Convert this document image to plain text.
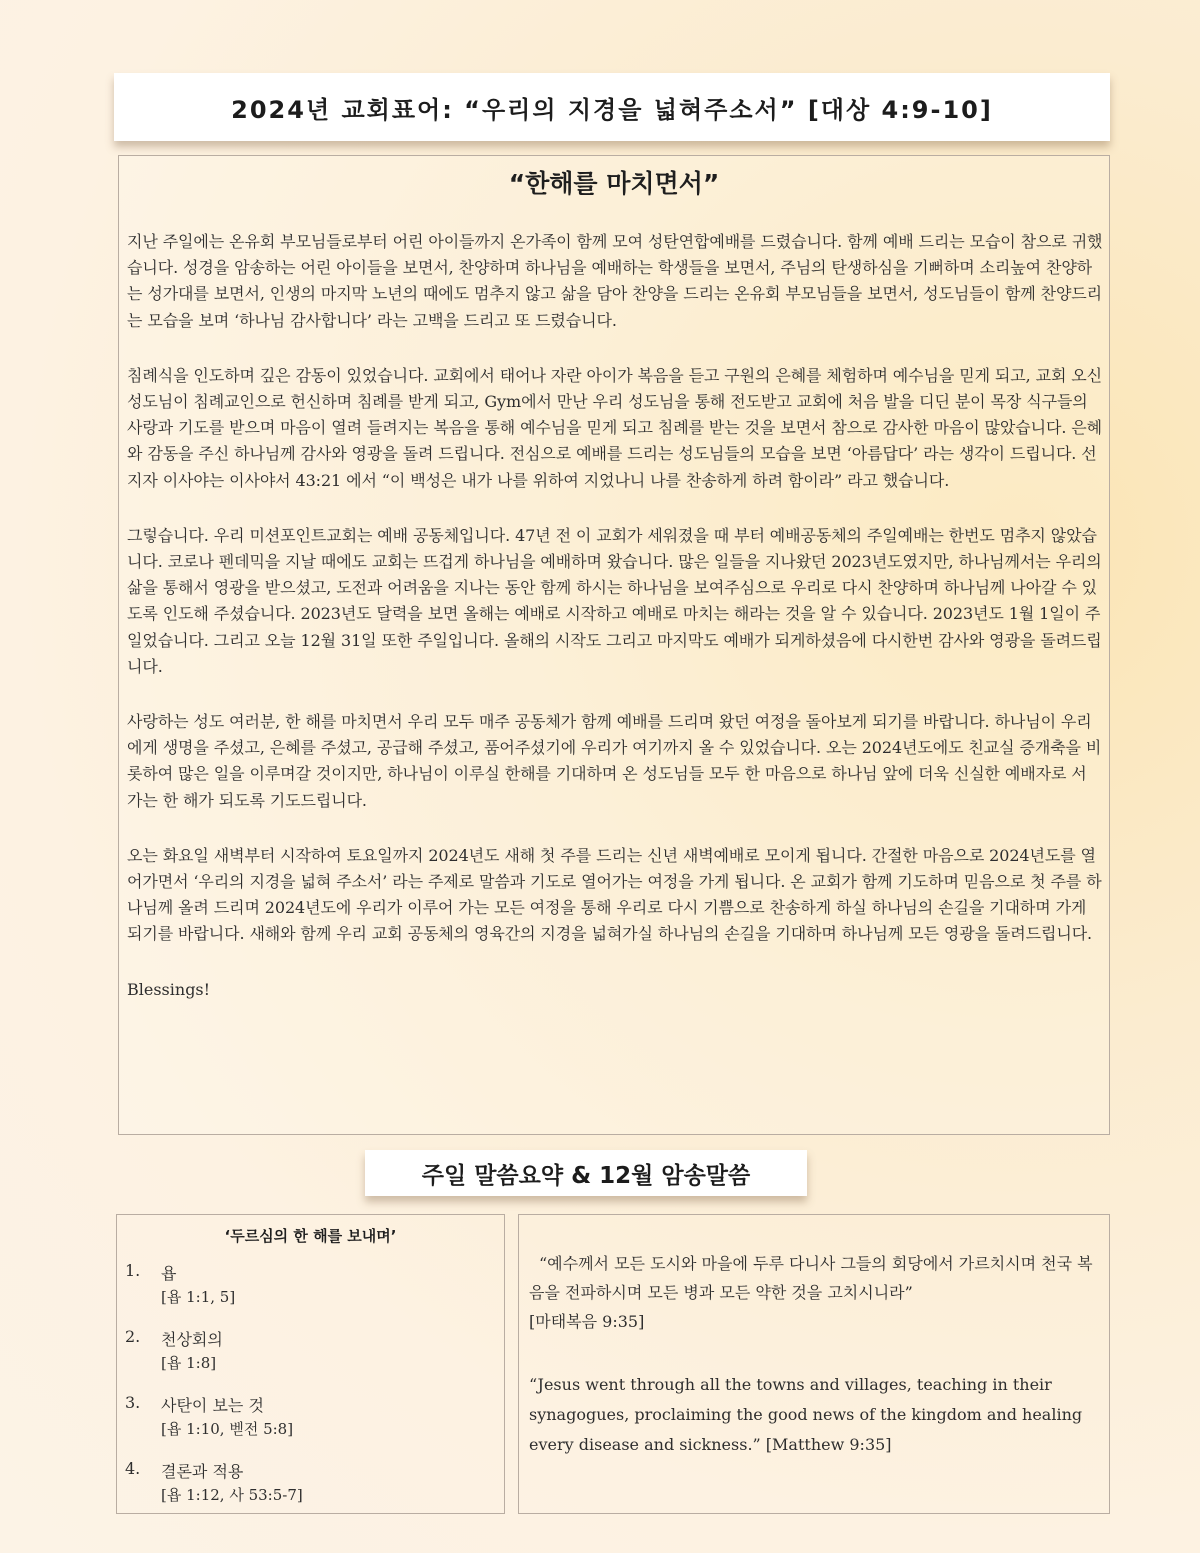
2024년 교회표어: “우리의 지경을 넓혀주소서” [대상 4:9-10]
“한해를 마치면서”

지난 주일에는 온유회 부모님들로부터 어린 아이들까지 온가족이 함께 모여 성탄연합예배를 드렸습니다. 함께 예배 드리는 모습이 참으로 귀했습니다. 성경을 암송하는 어린 아이들을 보면서, 찬양하며 하나님을 예배하는 학생들을 보면서, 주님의 탄생하심을 기뻐하며 소리높여 찬양하는 성가대를 보면서, 인생의 마지막 노년의 때에도 멈추지 않고 삶을 담아 찬양을 드리는 온유회 부모님들을 보면서, 성도님들이 함께 찬양드리는 모습을 보며 ‘하나님 감사합니다’ 라는 고백을 드리고 또 드렸습니다.

침례식을 인도하며 깊은 감동이 있었습니다. 교회에서 태어나 자란 아이가 복음을 듣고 구원의 은혜를 체험하며 예수님을 믿게 되고, 교회 오신 성도님이 침례교인으로 헌신하며 침례를 받게 되고, Gym에서 만난 우리 성도님을 통해 전도받고 교회에 처음 발을 디딘 분이 목장 식구들의 사랑과 기도를 받으며 마음이 열려 들려지는 복음을 통해 예수님을 믿게 되고 침례를 받는 것을 보면서 참으로 감사한 마음이 많았습니다. 은혜와 감동을 주신 하나님께 감사와 영광을 돌려 드립니다. 전심으로 예배를 드리는 성도님들의 모습을 보면 ‘아름답다’ 라는 생각이 드립니다. 선지자 이사야는 이사야서 43:21 에서 “이 백성은 내가 나를 위하여 지었나니 나를 찬송하게 하려 함이라” 라고 했습니다.

그렇습니다. 우리 미션포인트교회는 예배 공동체입니다. 47년 전 이 교회가 세워졌을 때 부터 예배공동체의 주일예배는 한번도 멈추지 않았습니다. 코로나 펜데믹을 지날 때에도 교회는 뜨겁게 하나님을 예배하며 왔습니다. 많은 일들을 지나왔던 2023년도였지만, 하나님께서는 우리의 삶을 통해서 영광을 받으셨고, 도전과 어려움을 지나는 동안 함께 하시는 하나님을 보여주심으로 우리로 다시 찬양하며 하나님께 나아갈 수 있도록 인도해 주셨습니다. 2023년도 달력을 보면 올해는 예배로 시작하고 예배로 마치는 해라는 것을 알 수 있습니다. 2023년도 1월 1일이 주일었습니다. 그리고 오늘 12월 31일 또한 주일입니다. 올해의 시작도 그리고 마지막도 예배가 되게하셨음에 다시한번 감사와 영광을 돌려드립니다.

사랑하는 성도 여러분, 한 해를 마치면서 우리 모두 매주 공동체가 함께 예배를 드리며 왔던 여정을 돌아보게 되기를 바랍니다. 하나님이 우리에게 생명을 주셨고, 은혜를 주셨고, 공급해 주셨고, 품어주셨기에 우리가 여기까지 올 수 있었습니다. 오는 2024년도에도 친교실 증개축을 비롯하여 많은 일을 이루며갈 것이지만, 하나님이 이루실 한해를 기대하며 온 성도님들 모두 한 마음으로 하나님 앞에 더욱 신실한 예배자로 서 가는 한 해가 되도록 기도드립니다.

오는 화요일 새벽부터 시작하여 토요일까지 2024년도 새해 첫 주를 드리는 신년 새벽예배로 모이게 됩니다. 간절한 마음으로 2024년도를 열어가면서 ‘우리의 지경을 넓혀 주소서’ 라는 주제로 말씀과 기도로 열어가는 여정을 가게 됩니다. 온 교회가 함께 기도하며 믿음으로 첫 주를 하나님께 올려 드리며 2024년도에 우리가 이루어 가는 모든 여정을 통해 우리로 다시 기쁨으로 찬송하게 하실 하나님의 손길을 기대하며 가게 되기를 바랍니다. 새해와 함께 우리 교회 공동체의 영육간의 지경을 넓혀가실 하나님의 손길을 기대하며 하나님께 모든 영광을 돌려드립니다.

Blessings!

주일 말씀요약 & 12월 암송말씀
‘두르심의 한 해를 보내며’
1. 욥
[욥 1:1, 5]
2. 천상회의
[욥 1:8]
3. 사탄이 보는 것
[욥 1:10, 벧전 5:8]
4. 결론과 적용
[욥 1:12, 사 53:5-7]

“예수께서 모든 도시와 마을에 두루 다니사 그들의 회당에서 가르치시며 천국 복음을 전파하시며 모든 병과 모든 약한 것을 고치시니라”
[마태복음 9:35]

“Jesus went through all the towns and villages, teaching in their synagogues, proclaiming the good news of the kingdom and healing every disease and sickness.” [Matthew 9:35]
